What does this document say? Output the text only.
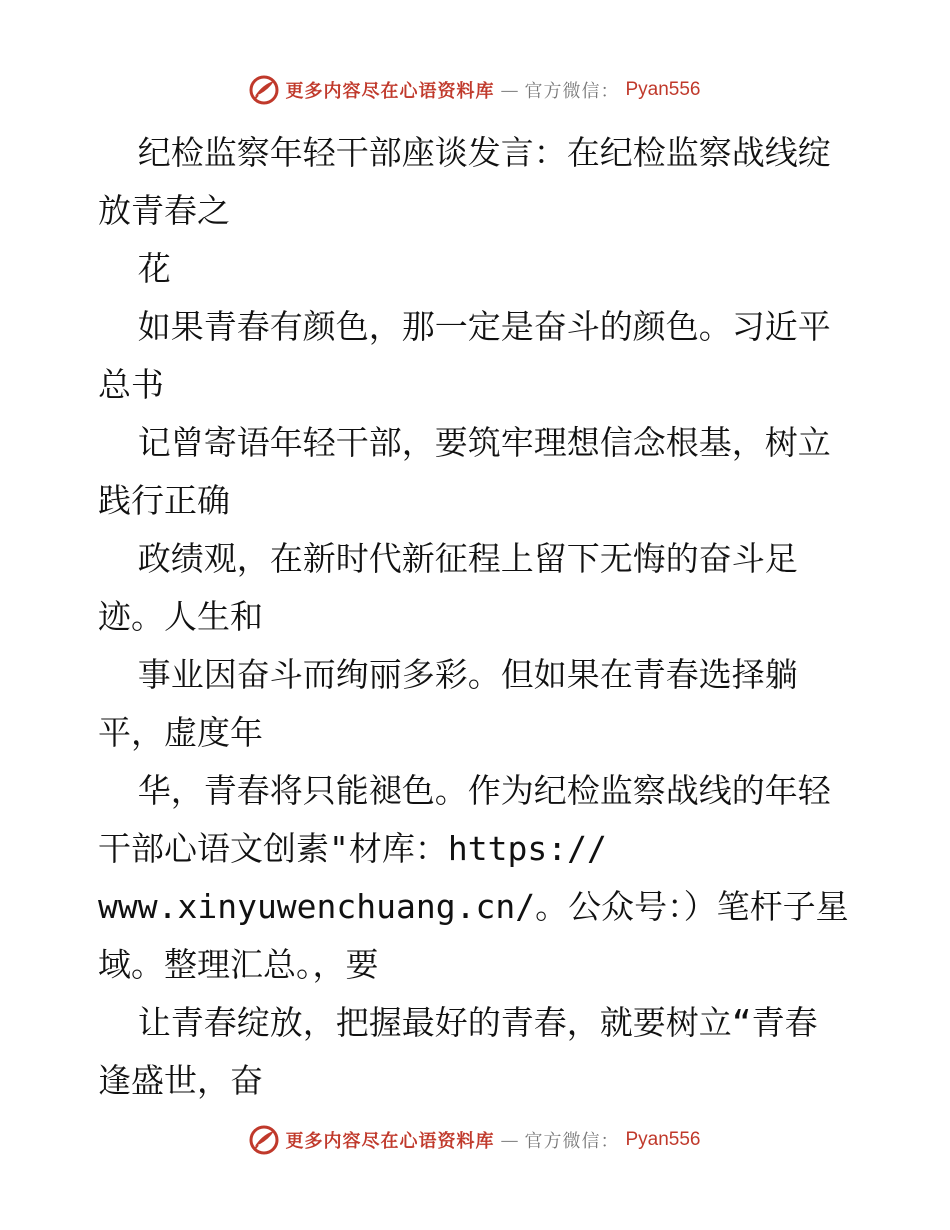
更多内容尽在心语资料库 — 官方微信： Pyan556
纪检监察年轻干部座谈发言：在纪检监察战线绽
放青春之
花
如果青春有颜色，那一定是奋斗的颜色。习近平
总书
记曾寄语年轻干部，要筑牢理想信念根基，树立
践行正确
政绩观，在新时代新征程上留下无悔的奋斗足
迹。人生和
事业因奋斗而绚丽多彩。但如果在青春选择躺
平，虚度年
华，青春将只能褪色。作为纪检监察战线的年轻
干部心语文创素"材库：https://
www.xinyuwenchuang.cn/。公众号：）笔杆子星
域。整理汇总。，要
让青春绽放，把握最好的青春，就要树立“青春
逢盛世，奋
更多内容尽在心语资料库 — 官方微信： Pyan556
